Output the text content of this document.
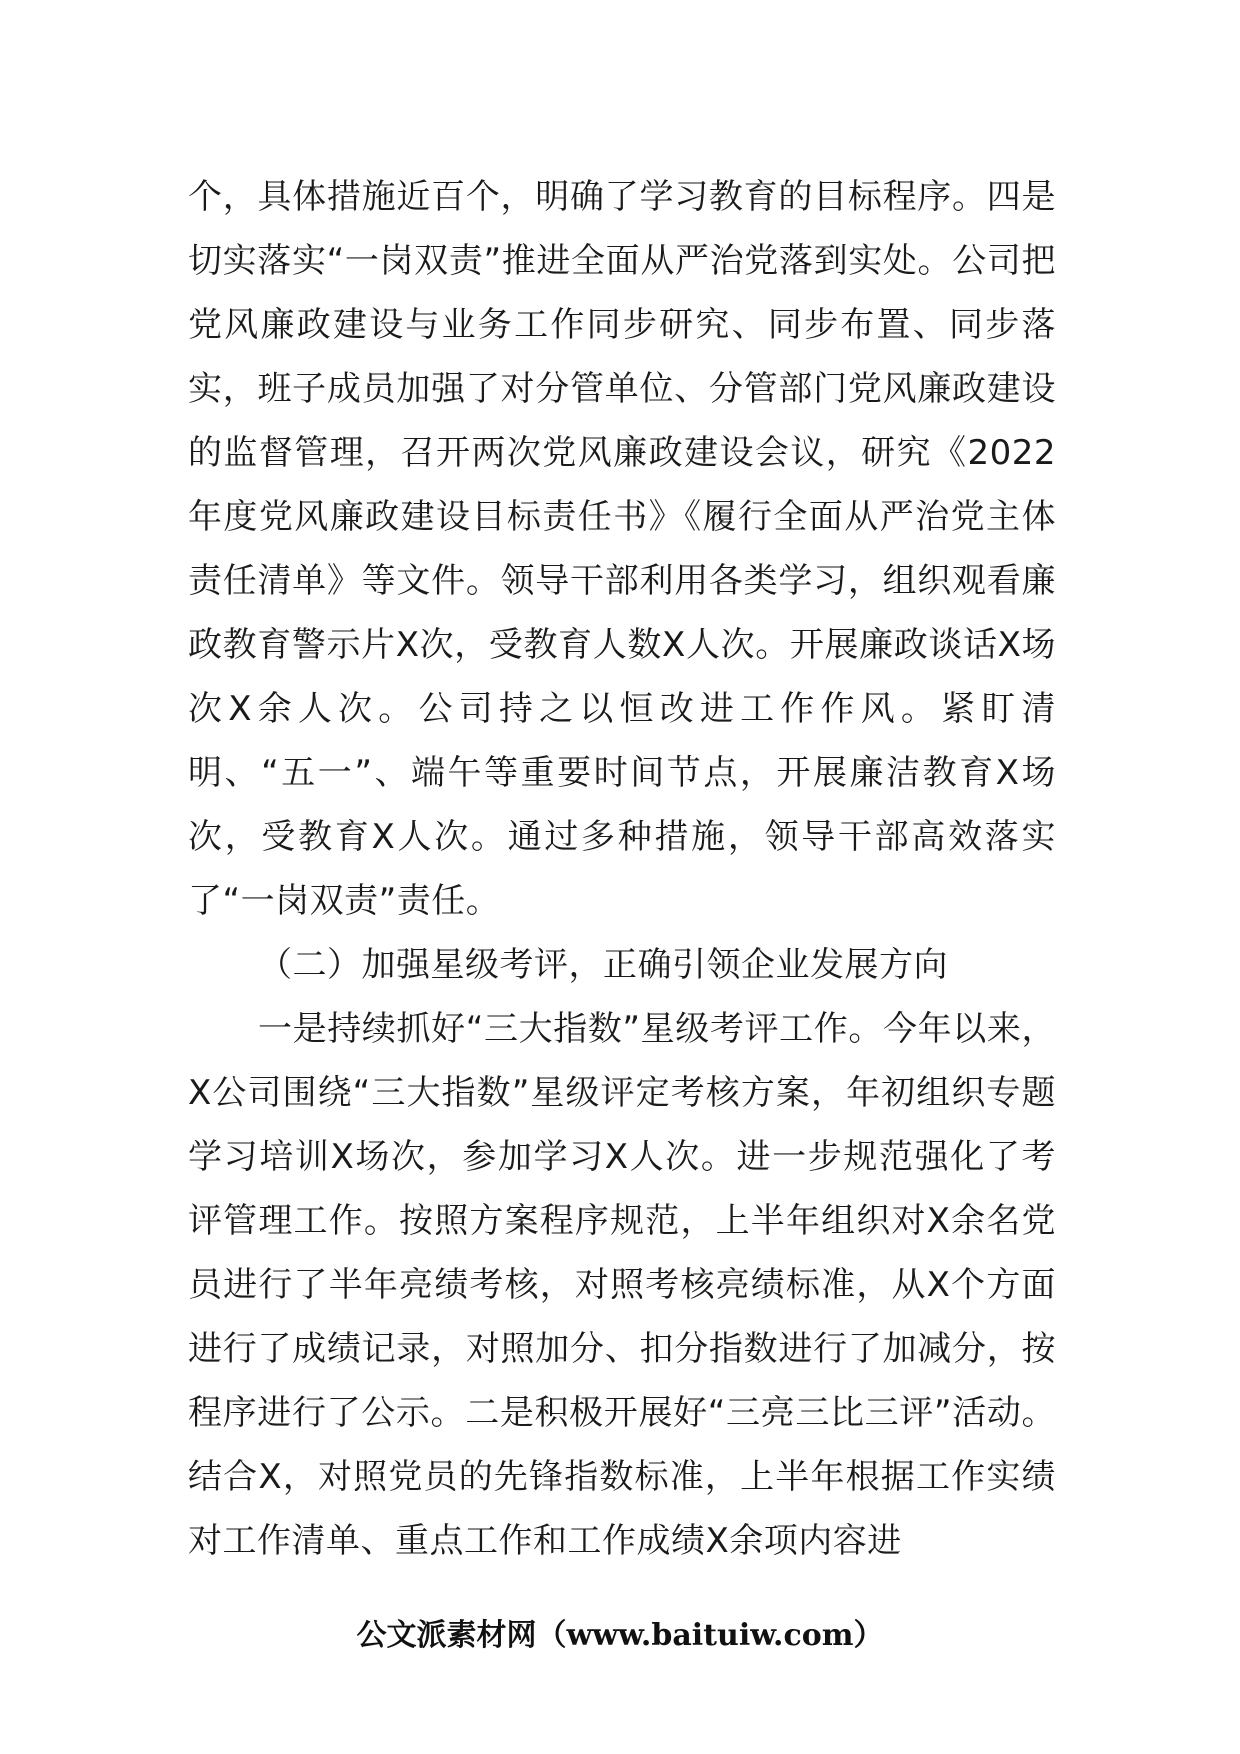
个，具体措施近百个，明确了学习教育的目标程序。四是切实落实“一岗双责”推进全面从严治党落到实处。公司把党风廉政建设与业务工作同步研究、同步布置、同步落实，班子成员加强了对分管单位、分管部门党风廉政建设的监督管理，召开两次党风廉政建设会议，研究《2022年度党风廉政建设目标责任书》《履行全面从严治党主体责任清单》等文件。领导干部利用各类学习，组织观看廉政教育警示片X次，受教育人数X人次。开展廉政谈话X场次X余人次。公司持之以恒改进工作作风。紧盯清明、“五一”、端午等重要时间节点，开展廉洁教育X场次，受教育X人次。通过多种措施，领导干部高效落实了“一岗双责”责任。

（二）加强星级考评，正确引领企业发展方向

一是持续抓好“三大指数”星级考评工作。今年以来，X公司围绕“三大指数”星级评定考核方案，年初组织专题学习培训X场次，参加学习X人次。进一步规范强化了考评管理工作。按照方案程序规范，上半年组织对X余名党员进行了半年亮绩考核，对照考核亮绩标准，从X个方面进行了成绩记录，对照加分、扣分指数进行了加减分，按程序进行了公示。二是积极开展好“三亮三比三评”活动。结合X，对照党员的先锋指数标准，上半年根据工作实绩对工作清单、重点工作和工作成绩X余项内容进

公文派素材网（www.baituiw.com）
